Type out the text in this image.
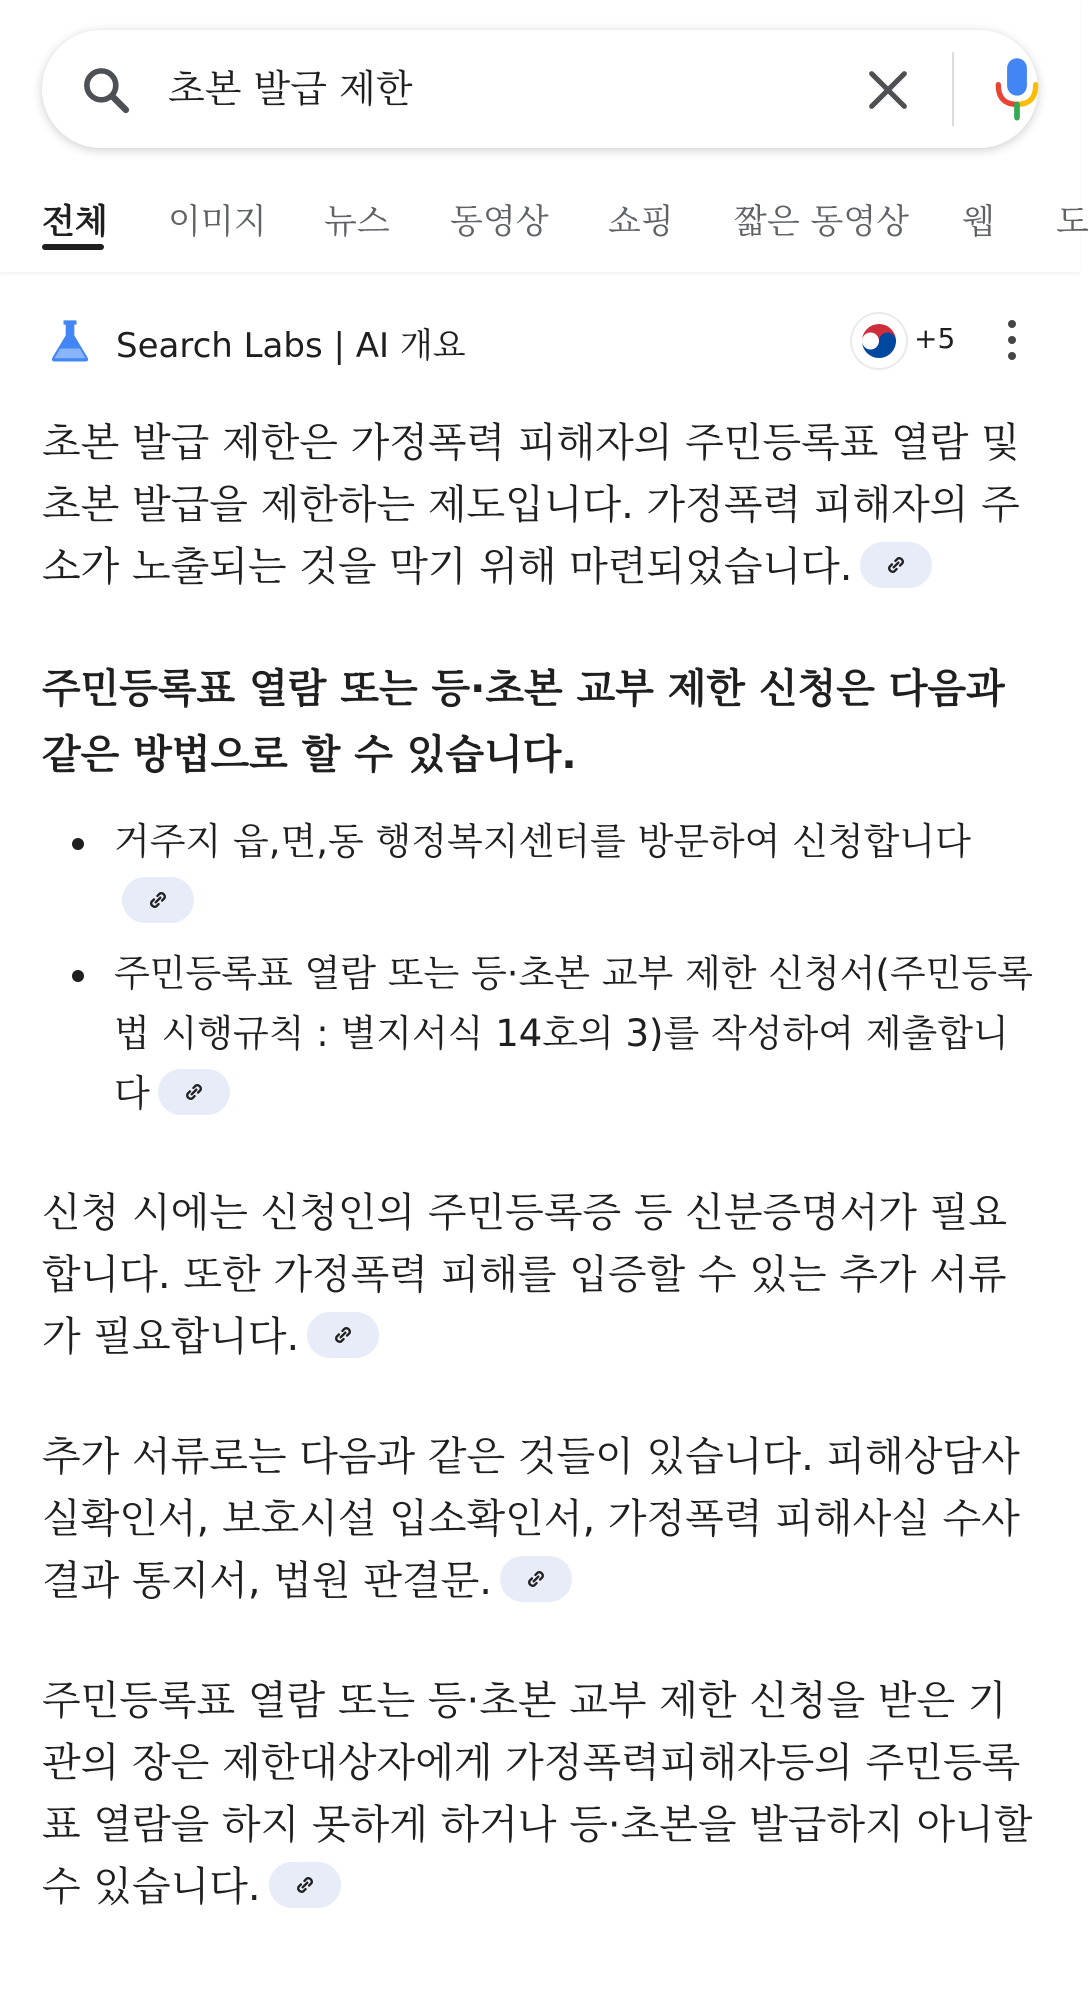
초본 발급 제한
전체 이미지 뉴스 동영상 쇼핑 짧은 동영상 웹 도
Search Labs | AI 개요	+5

초본 발급 제한은 가정폭력 피해자의 주민등록표 열람 및 초본 발급을 제한하는 제도입니다. 가정폭력 피해자의 주소가 노출되는 것을 막기 위해 마련되었습니다.

주민등록표 열람 또는 등·초본 교부 제한 신청은 다음과 같은 방법으로 할 수 있습니다.

거주지 읍,면,동 행정복지센터를 방문하여 신청합니다
주민등록표 열람 또는 등·초본 교부 제한 신청서(주민등록법 시행규칙 : 별지서식 14호의 3)를 작성하여 제출합니다

신청 시에는 신청인의 주민등록증 등 신분증명서가 필요합니다. 또한 가정폭력 피해를 입증할 수 있는 추가 서류가 필요합니다.

추가 서류로는 다음과 같은 것들이 있습니다. 피해상담사실확인서, 보호시설 입소확인서, 가정폭력 피해사실 수사결과 통지서, 법원 판결문.

주민등록표 열람 또는 등·초본 교부 제한 신청을 받은 기관의 장은 제한대상자에게 가정폭력피해자등의 주민등록표 열람을 하지 못하게 하거나 등·초본을 발급하지 아니할 수 있습니다.
